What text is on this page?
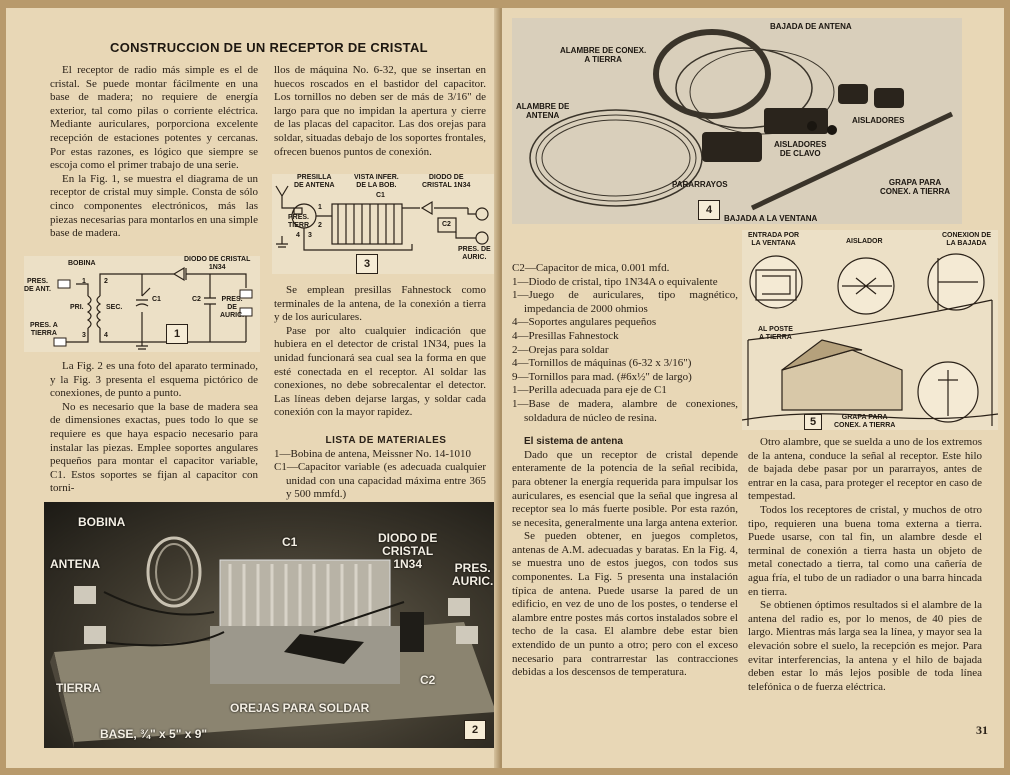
CONSTRUCCION DE UN RECEPTOR DE CRISTAL

El receptor de radio más simple es el de cristal. Se puede montar fácilmente en una base de madera; no requiere de energía exterior, tal como pilas o corriente eléctrica. Mediante auriculares, porporciona excelente recepción de estaciones potentes y cercanas. Por estas razones, es lógico que siempre se escoja como el primer trabajo de una serie.

En la Fig. 1, se muestra el diagrama de un receptor de cristal muy simple. Consta de sólo cinco componentes electrónicos, más las piezas necesarias para montarlos en una simple base de madera.

BOBINA
DIODO DE CRISTAL
1N34
PRES.
DE ANT.
PRI.	SEC.
C1	C2	PRES.
DE
AURIC.
PRES. A
TIERRA
1	2
3	4	1

La Fig. 2 es una foto del aparato terminado, y la Fig. 3 presenta el esquema pictórico de conexiones, de punto a punto.

No es necesario que la base de madera sea de dimensiones exactas, pues todo lo que se requiere es que haya espacio necesario para instalar las piezas. Emplee soportes angulares pequeños para montar el capacitor variable, C1. Estos soportes se fijan al capacitor con torni-

llos de máquina No. 6-32, que se insertan en huecos roscados en el bastidor del capacitor. Los tornillos no deben ser de más de 3/16" de largo para que no impidan la apertura y cierre de las placas del capacitor. Las dos orejas para soldar, situadas debajo de los soportes frontales, ofrecen buenos puntos de conexión.

PRESILLA
DE ANTENA
VISTA INFER.
DE LA BOB.
DIODO DE
CRISTAL 1N34
PRES.
TIERR
C1
C2
PRES. DE
AURIC.
1
2
3
4
3

Se emplean presillas Fahnestock como terminales de la antena, de la conexión a tierra y de los auriculares.

Pase por alto cualquier indicación que hubiera en el detector de cristal 1N34, pues la unidad funcionará sea cual sea la forma en que esté conectada en el receptor. Al soldar las conexiones, no debe sobrecalentar el detector. Las líneas deben dejarse largas, y soldar cada conexión con la mayor rapidez.

LISTA DE MATERIALES

1—Bobina de antena, Meissner No. 14-1010
C1—Capacitor variable (es adecuada cualquier unidad con una capacidad máxima entre 365 y 500 mmfd.)
BOBINA
ANTENA
C1	DIODO DE
CRISTAL
1N34	PRES.
AURIC.
TIERRA
OREJAS PARA SOLDAR
C2
BASE, ¾" x 5" x 9"	2
BAJADA DE ANTENA
ALAMBRE DE CONEX.
A TIERRA
ALAMBRE DE
ANTENA
AISLADORES
AISLADORES
DE CLAVO
PARARRAYOS	GRAPA PARA
CONEX. A TIERRA
BAJADA A LA VENTANA
4
C2—Capacitor de mica, 0.001 mfd.
1—Diodo de cristal, tipo 1N34A o equivalente
1—Juego de auriculares, tipo magnético, impedancia de 2000 ohmios
4—Soportes angulares pequeños
4—Presillas Fahnestock
2—Orejas para soldar
4—Tornillos de máquinas (6-32 x 3/16")
9—Tornillos para mad. (#6x½" de largo)
1—Perilla adecuada para eje de C1
1—Base de madera, alambre de conexiones, soldadura de núcleo de resina.

El sistema de antena

Dado que un receptor de cristal depende enteramente de la potencia de la señal recibida, para obtener la energía requerida para impulsar los auriculares, es esencial que la señal que ingresa al receptor sea lo más fuerte posible. Por esta razón, se necesita, generalmente una larga antena exterior.

Se pueden obtener, en juegos completos, antenas de A.M. adecuadas y baratas. En la Fig. 4, se muestra uno de estos juegos, con todos sus componentes. La Fig. 5 presenta una instalación típica de antena. Puede usarse la pared de un edificio, en vez de uno de los postes, o tenderse el alambre entre postes más cortos instalados sobre el techo de la casa. El alambre debe estar bien extendido de un punto a otro; pero con el exceso necesario para contrarrestar las contracciones debidas a los descensos de temperatura.

ENTRADA POR
LA VENTANA	AISLADOR
CONEXION DE
LA BAJADA
AL POSTE
A TIERRA
GRAPA PARA
CONEX. A TIERRA
5

Otro alambre, que se suelda a uno de los extremos de la antena, conduce la señal al receptor. Este hilo de bajada debe pasar por un pararrayos, antes de entrar en la casa, para proteger el receptor en caso de tempestad.

Todos los receptores de cristal, y muchos de otro tipo, requieren una buena toma externa a tierra. Puede usarse, con tal fin, un alambre desde el terminal de conexión a tierra hasta un objeto de metal conectado a tierra, tal como una cañería de agua fría, el tubo de un radiador o una barra hincada en tierra.

Se obtienen óptimos resultados si el alambre de la antena del radio es, por lo menos, de 40 pies de largo. Mientras más larga sea la línea, y mayor sea la elevación sobre el suelo, la recepción es mejor. Para evitar interferencias, la antena y el hilo de bajada deben estar lo más lejos posible de toda línea telefónica o de fuerza eléctrica.

31
